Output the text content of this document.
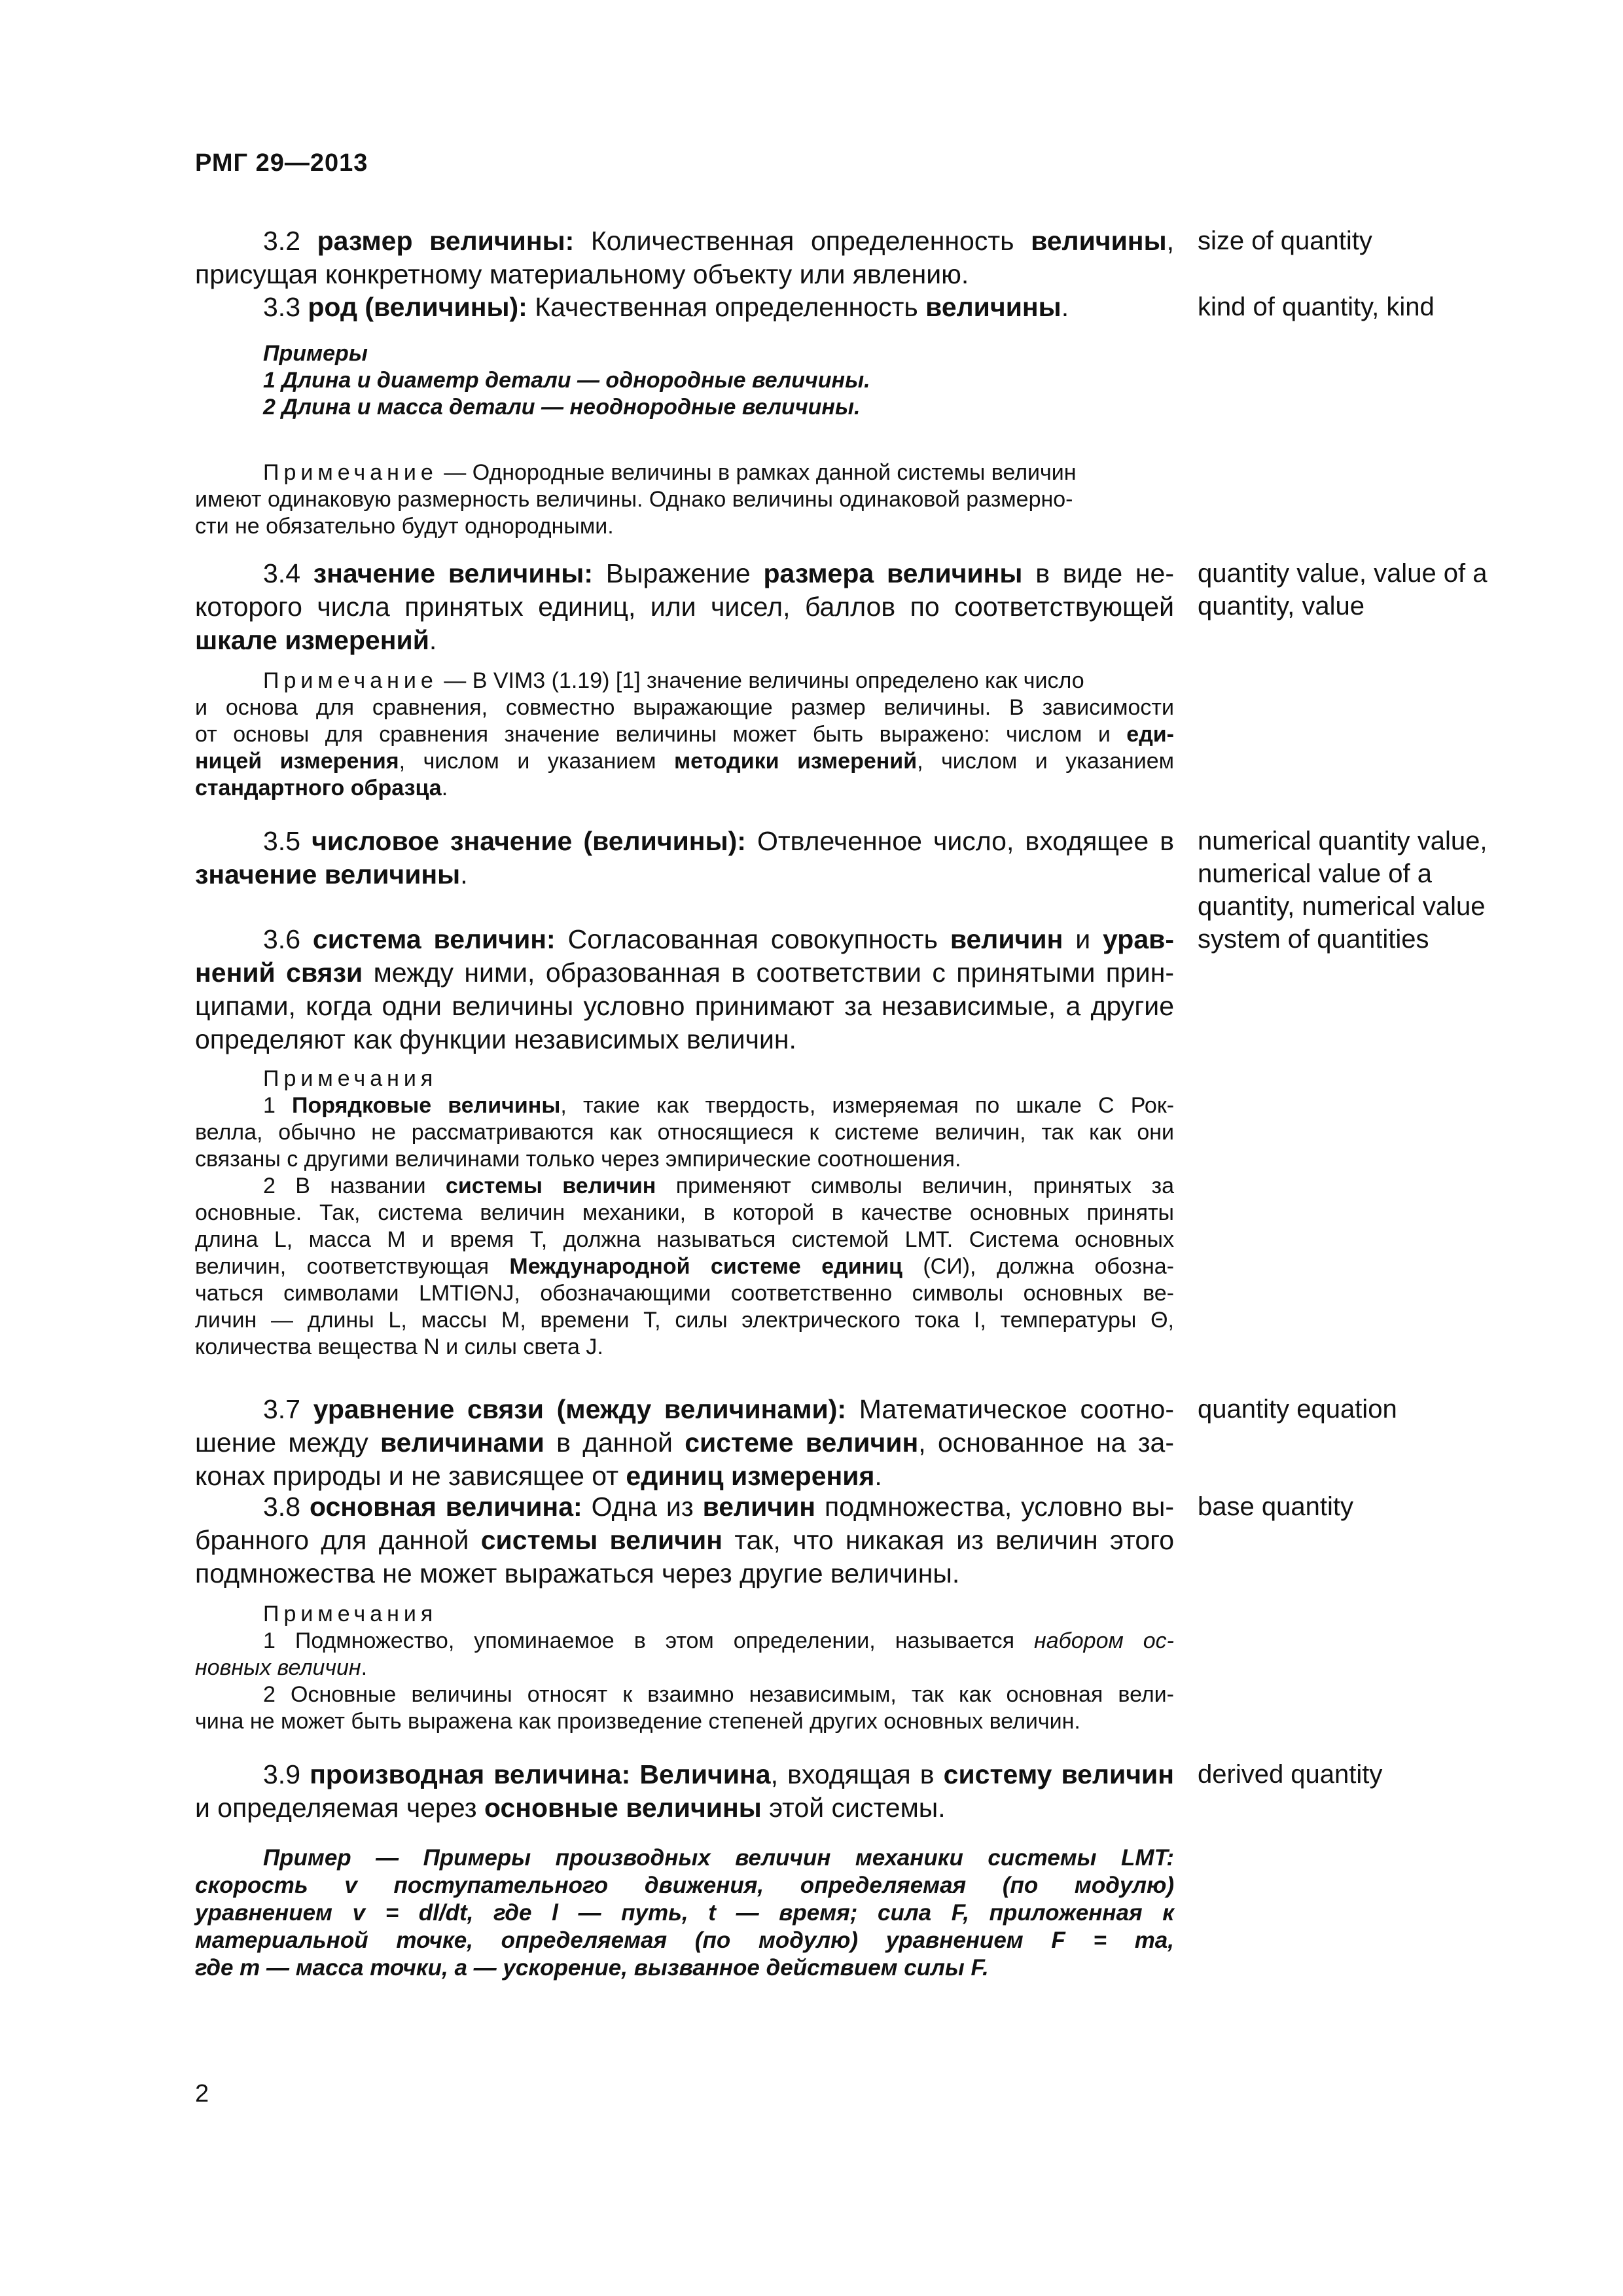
РМГ 29—2013
3.2 размер величины: Количественная определенность величины,
присущая конкретному материальному объекту или явлению.
size of quantity
3.3 род (величины): Качественная определенность величины.	kind of quantity, kind
Примеры
1 Длина и диаметр детали — однородные величины.
2 Длина и масса детали — неоднородные величины.
Примечание — Однородные величины в рамках данной системы величин
имеют одинаковую размерность величины. Однако величины одинаковой размерно-
сти не обязательно будут однородными.
3.4 значение величины: Выражение размера величины в виде не-
которого числа принятых единиц, или чисел, баллов по соответствующей
шкале измерений.
quantity value, value of a
quantity, value
Примечание — В VIM3 (1.19) [1] значение величины определено как число
и основа для сравнения, совместно выражающие размер величины. В зависимости
от основы для сравнения значение величины может быть выражено: числом и еди-
ницей измерения, числом и указанием методики измерений, числом и указанием
стандартного образца.
3.5 числовое значение (величины): Отвлеченное число, входящее в
значение величины.
numerical quantity value,
numerical value of a
quantity, numerical value
3.6 система величин: Согласованная совокупность величин и урав-
нений связи между ними, образованная в соответствии с принятыми прин-
ципами, когда одни величины условно принимают за независимые, а другие
определяют как функции независимых величин.
system of quantities
Примечания
1 Порядковые величины, такие как твердость, измеряемая по шкале С Рок-
велла, обычно не рассматриваются как относящиеся к системе величин, так как они
связаны с другими величинами только через эмпирические соотношения.
2 В названии системы величин применяют символы величин, принятых за
основные. Так, система величин механики, в которой в качестве основных приняты
длина L, масса М и время Т, должна называться системой LMT. Система основных
величин, соответствующая Международной системе единиц (СИ), должна обозна-
чаться символами LMTIΘNJ, обозначающими соответственно символы основных ве-
личин — длины L, массы М, времени Т, силы электрического тока I, температуры Θ,
количества вещества N и силы света J.
3.7 уравнение связи (между величинами): Математическое соотно-
шение между величинами в данной системе величин, основанное на за-
конах природы и не зависящее от единиц измерения.
quantity equation
3.8 основная величина: Одна из величин подмножества, условно вы-
бранного для данной системы величин так, что никакая из величин этого
подмножества не может выражаться через другие величины.
base quantity
Примечания
1 Подмножество, упоминаемое в этом определении, называется набором ос-
новных величин.
2 Основные величины относят к взаимно независимым, так как основная вели-
чина не может быть выражена как произведение степеней других основных величин.
3.9 производная величина: Величина, входящая в систему величин
и определяемая через основные величины этой системы.
derived quantity
Пример — Примеры производных величин механики системы LMT:
скорость v поступательного движения, определяемая (по модулю)
уравнением v = dl/dt, где l — путь, t — время; сила F, приложенная к
материальной точке, определяемая (по модулю) уравнением F = ma,
где m — масса точки, a — ускорение, вызванное действием силы F.
2
